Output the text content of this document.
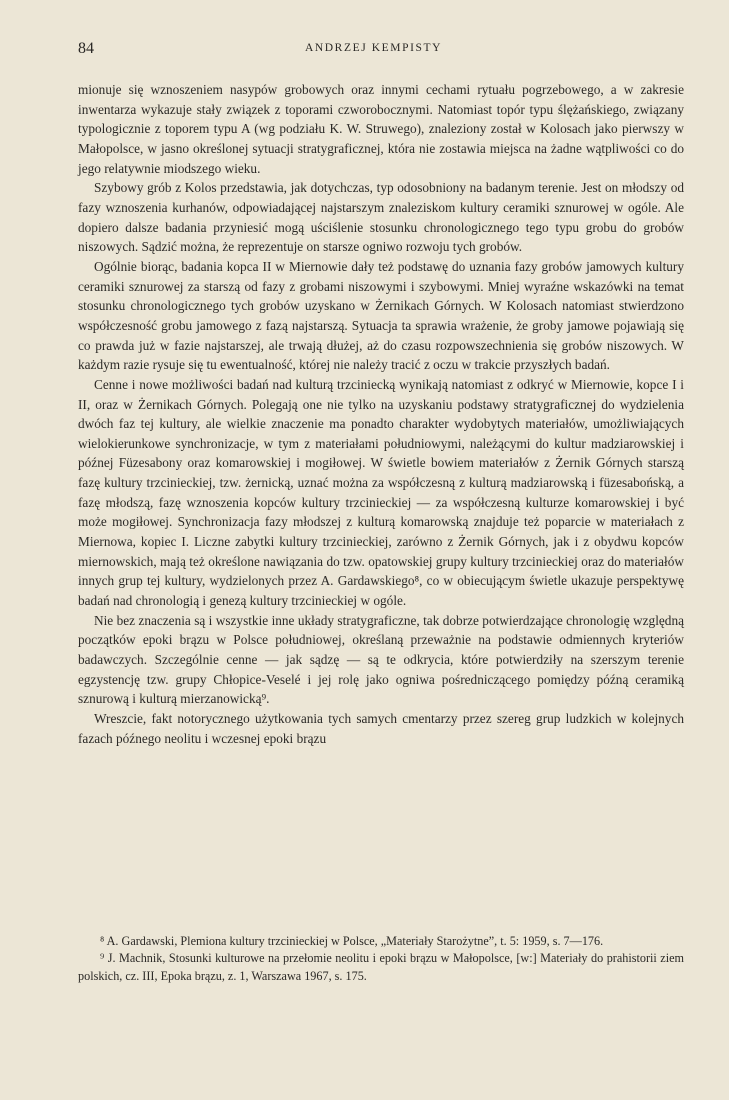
84	ANDRZEJ KEMPISTY

mionuje się wznoszeniem nasypów grobowych oraz innymi cechami rytuału pogrzebowego, a w zakresie inwentarza wykazuje stały związek z toporami czworobocznymi. Natomiast topór typu ślężańskiego, związany typologicznie z toporem typu A (wg podziału K. W. Struwego), znaleziony został w Kolosach jako pierwszy w Małopolsce, w jasno określonej sytuacji stratygraficznej, która nie zostawia miejsca na żadne wątpliwości co do jego relatywnie miodszego wieku.

Szybowy grób z Kolos przedstawia, jak dotychczas, typ odosobniony na badanym terenie. Jest on młodszy od fazy wznoszenia kurhanów, odpowiadającej najstarszym znaleziskom kultury ceramiki sznurowej w ogóle. Ale dopiero dalsze badania przyniesić mogą uściślenie stosunku chronologicznego tego typu grobu do grobów niszowych. Sądzić można, że reprezentuje on starsze ogniwo rozwoju tych grobów.

Ogólnie biorąc, badania kopca II w Miernowie dały też podstawę do uznania fazy grobów jamowych kultury ceramiki sznurowej za starszą od fazy z grobami niszowymi i szybowymi. Mniej wyraźne wskazówki na temat stosunku chronologicznego tych grobów uzyskano w Żernikach Górnych. W Kolosach natomiast stwierdzono współczesność grobu jamowego z fazą najstarszą. Sytuacja ta sprawia wrażenie, że groby jamowe pojawiają się co prawda już w fazie najstarszej, ale trwają dłużej, aż do czasu rozpowszechnienia się grobów niszowych. W każdym razie rysuje się tu ewentualność, której nie należy tracić z oczu w trakcie przyszłych badań.

Cenne i nowe możliwości badań nad kulturą trzciniecką wynikają natomiast z odkryć w Miernowie, kopce I i II, oraz w Żernikach Górnych. Polegają one nie tylko na uzyskaniu podstawy stratygraficznej do wydzielenia dwóch faz tej kultury, ale wielkie znaczenie ma ponadto charakter wydobytych materiałów, umożliwiających wielokierunkowe synchronizacje, w tym z materiałami południowymi, należącymi do kultur madziarowskiej i późnej Füzesabony oraz komarowskiej i mogiłowej. W świetle bowiem materiałów z Żernik Górnych starszą fazę kultury trzcinieckiej, tzw. żernicką, uznać można za współczesną z kulturą madziarowską i füzesabońską, a fazę młodszą, fazę wznoszenia kopców kultury trzcinieckiej — za współczesną kulturze komarowskiej i być może mogiłowej. Synchronizacja fazy młodszej z kulturą komarowską znajduje też poparcie w materiałach z Miernowa, kopiec I. Liczne zabytki kultury trzcinieckiej, zarówno z Żernik Górnych, jak i z obydwu kopców miernowskich, mają też określone nawiązania do tzw. opatowskiej grupy kultury trzcinieckiej oraz do materiałów innych grup tej kultury, wydzielonych przez A. Gardawskiego⁸, co w obiecującym świetle ukazuje perspektywę badań nad chronologią i genezą kultury trzcinieckiej w ogóle.

Nie bez znaczenia są i wszystkie inne układy stratygraficzne, tak dobrze potwierdzające chronologię względną początków epoki brązu w Polsce południowej, określaną przeważnie na podstawie odmiennych kryteriów badawczych. Szczególnie cenne — jak sądzę — są te odkrycia, które potwierdziły na szerszym terenie egzystencję tzw. grupy Chłopice-Veselé i jej rolę jako ogniwa pośredniczącego pomiędzy późną ceramiką sznurową i kulturą mierzanowicką⁹.

Wreszcie, fakt notorycznego użytkowania tych samych cmentarzy przez szereg grup ludzkich w kolejnych fazach późnego neolitu i wczesnej epoki brązu

⁸ A. Gardawski, Plemiona kultury trzcinieckiej w Polsce, „Materiały Starożytne”, t. 5: 1959, s. 7—176.

⁹ J. Machnik, Stosunki kulturowe na przełomie neolitu i epoki brązu w Małopolsce, [w:] Materiały do prahistorii ziem polskich, cz. III, Epoka brązu, z. 1, Warszawa 1967, s. 175.
